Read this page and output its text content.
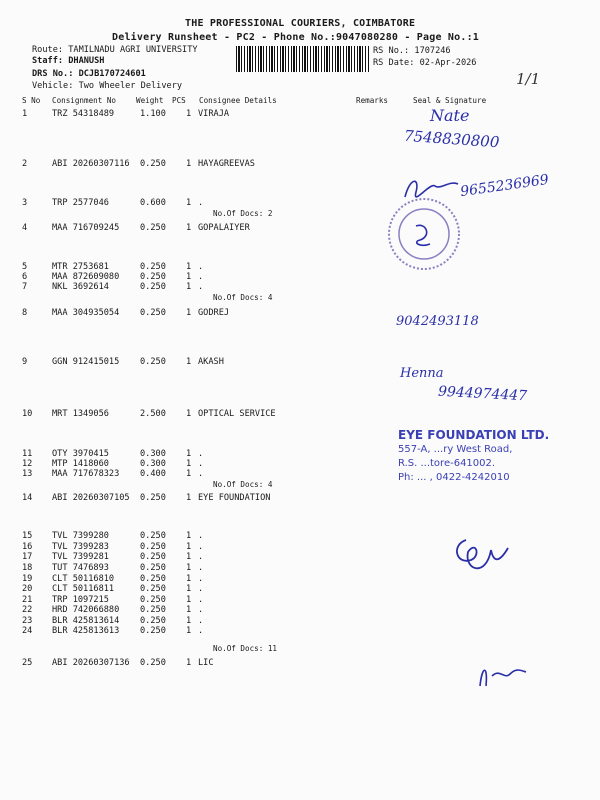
THE PROFESSIONAL COURIERS, COIMBATORE
Delivery Runsheet - PC2 - Phone No.:9047080280 - Page No.:1
Route: TAMILNADU AGRI UNIVERSITY
Staff: DHANUSH
DRS No.: DCJB170724601
Vehicle: Two Wheeler Delivery
RS No.: 1707246
RS Date: 02-Apr-2026
1/1
S No Consignment No	Weight PCS Consignee Details	Remarks	Seal & Signature
1	TRZ 54318489	1.100 1 VIRAJA
2	ABI 20260307116 0.250 1 HAYAGREEVAS
3	TRP 2577046	0.600 1 .
4	MAA 716709245 0.250 1 GOPALAIYER
5	MTR 2753681	0.250 1 .
6	MAA 872609080 0.250 1 .
7	NKL 3692614	0.250 1 .
8	MAA 304935054 0.250 1 GODREJ
9	GGN 912415015 0.250 1 AKASH
10 MRT 1349056	2.500 1 OPTICAL SERVICE
11 OTY 3970415	0.300 1 .
12 MTP 1418060	0.300 1 .
13 MAA 717678323 0.400 1 .
14 ABI 20260307105 0.250 1 EYE FOUNDATION
15 TVL 7399280	0.250 1 .
16 TVL 7399283	0.250 1 .
17 TVL 7399281	0.250 1 .
18 TUT 7476893	0.250 1 .
19 CLT 50116810	0.250 1 .
20 CLT 50116811	0.250 1 .
21 TRP 1097215	0.250 1 .
22 HRD 742066880 0.250 1 .
23 BLR 425813614 0.250 1 .
24 BLR 425813613 0.250 1 .
25 ABI 20260307136 0.250 1 LIC
No.Of Docs: 2
No.Of Docs: 4
No.Of Docs: 4
No.Of Docs: 11
Nate
7548830800
9655236969
9042493118
Henna
9944974447
EYE FOUNDATION LTD.
557-A, ...ry West Road,
R.S. ...tore-641002.
Ph: ... , 0422-4242010
